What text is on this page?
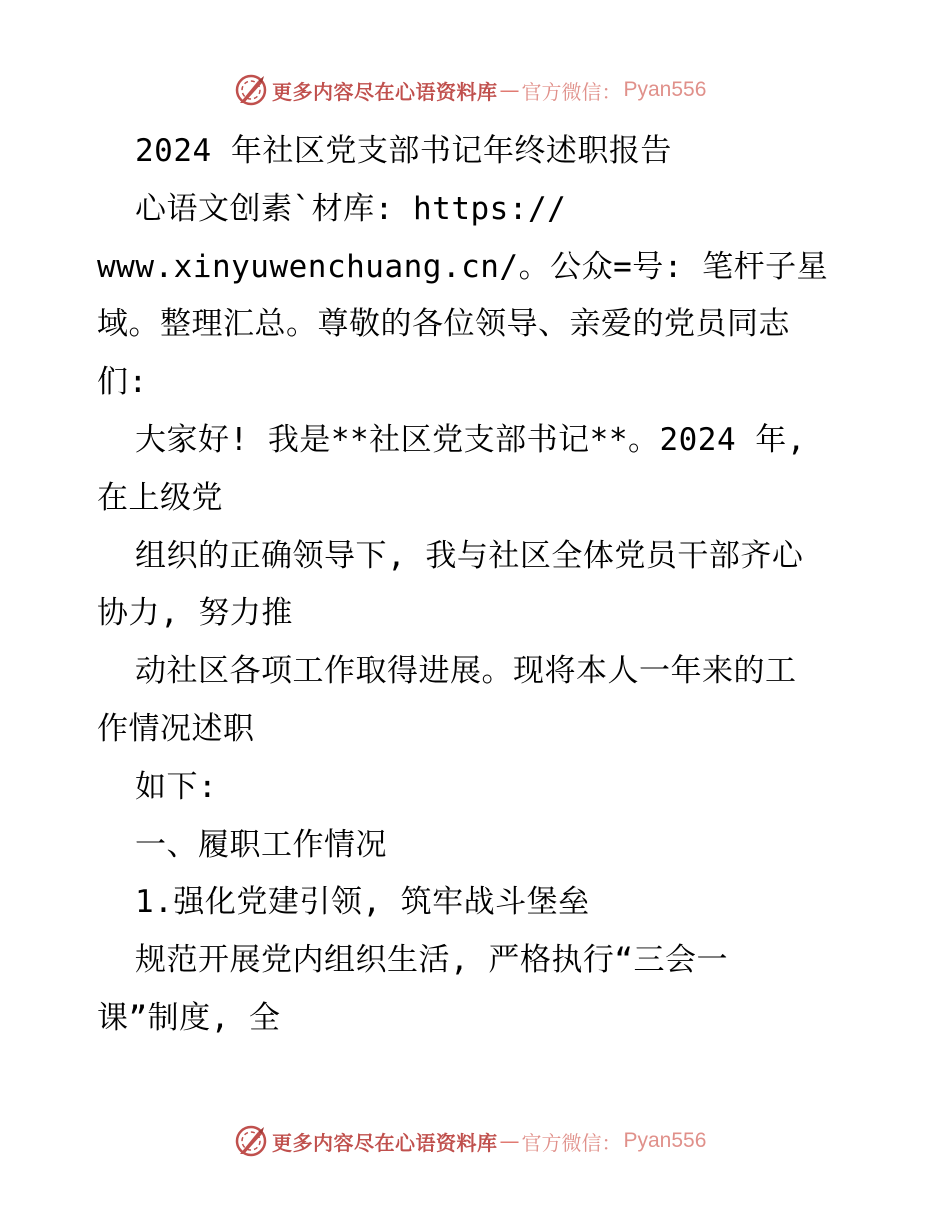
更多内容尽在心语资料库 — 官方微信： Pyan556
2024 年社区党支部书记年终述职报告
心语文创素`材库: https://
www.xinyuwenchuang.cn/。公众=号: 笔杆子星
域。整理汇总。尊敬的各位领导、亲爱的党员同志
们:
大家好! 我是**社区党支部书记**。2024 年,
在上级党
组织的正确领导下, 我与社区全体党员干部齐心
协力, 努力推
动社区各项工作取得进展。现将本人一年来的工
作情况述职
如下:
一、履职工作情况
1.强化党建引领, 筑牢战斗堡垒
规范开展党内组织生活, 严格执行“三会一
课”制度, 全
更多内容尽在心语资料库 — 官方微信： Pyan556
